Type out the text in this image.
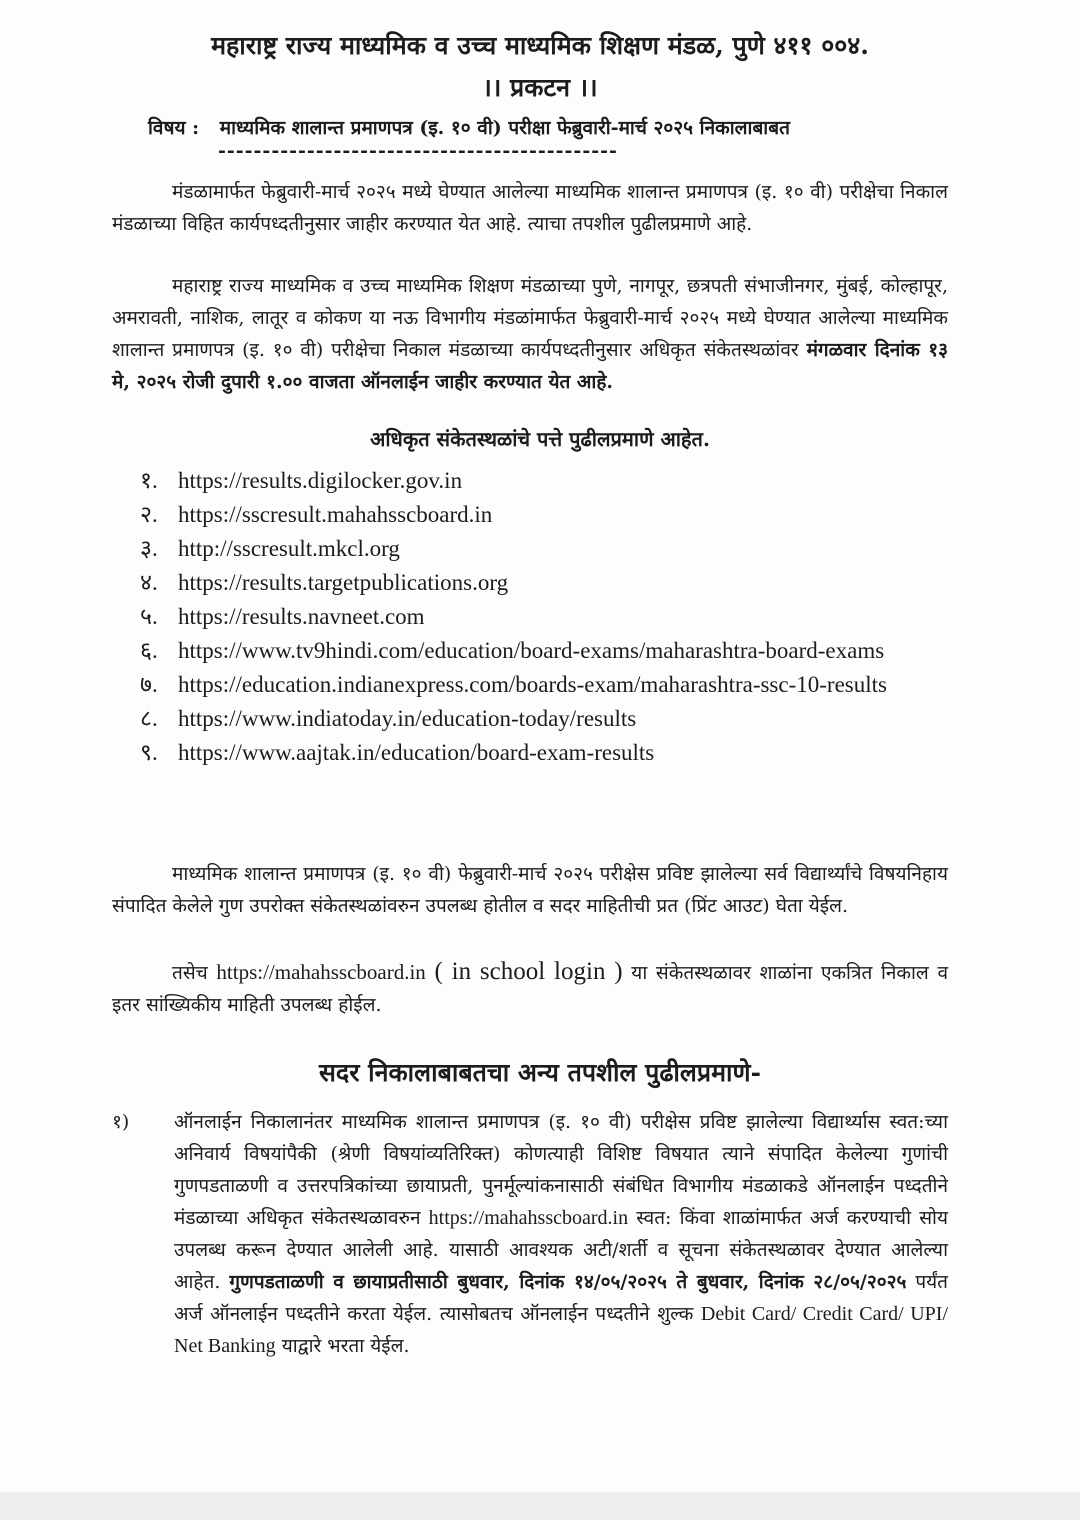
महाराष्ट्र राज्य माध्यमिक व उच्च माध्यमिक शिक्षण मंडळ, पुणे ४११ ००४.
।। प्रकटन ।।
विषय : माध्यमिक शालान्त प्रमाणपत्र (इ. १० वी) परीक्षा फेब्रुवारी-मार्च २०२५ निकालाबाबत
---------------------------------------------
मंडळामार्फत फेब्रुवारी-मार्च २०२५ मध्ये घेण्यात आलेल्या माध्यमिक शालान्त प्रमाणपत्र (इ. १० वी) परीक्षेचा निकाल मंडळाच्या विहित कार्यपध्दतीनुसार जाहीर करण्यात येत आहे. त्याचा तपशील पुढीलप्रमाणे आहे.
महाराष्ट्र राज्य माध्यमिक व उच्च माध्यमिक शिक्षण मंडळाच्या पुणे, नागपूर, छत्रपती संभाजीनगर, मुंबई, कोल्हापूर, अमरावती, नाशिक, लातूर व कोकण या नऊ विभागीय मंडळांमार्फत फेब्रुवारी-मार्च २०२५ मध्ये घेण्यात आलेल्या माध्यमिक शालान्त प्रमाणपत्र (इ. १० वी) परीक्षेचा निकाल मंडळाच्या कार्यपध्दतीनुसार अधिकृत संकेतस्थळांवर मंगळवार दिनांक १३ मे, २०२५ रोजी दुपारी १.०० वाजता ऑनलाईन जाहीर करण्यात येत आहे.
अधिकृत संकेतस्थळांचे पत्ते पुढीलप्रमाणे आहेत.
१. https://results.digilocker.gov.in
२. https://sscresult.mahahsscboard.in
३. http://sscresult.mkcl.org
४. https://results.targetpublications.org
५. https://results.navneet.com
६. https://www.tv9hindi.com/education/board-exams/maharashtra-board-exams
७. https://education.indianexpress.com/boards-exam/maharashtra-ssc-10-results
८. https://www.indiatoday.in/education-today/results
९. https://www.aajtak.in/education/board-exam-results
माध्यमिक शालान्त प्रमाणपत्र (इ. १० वी) फेब्रुवारी-मार्च २०२५ परीक्षेस प्रविष्ट झालेल्या सर्व विद्यार्थ्यांचे विषयनिहाय संपादित केलेले गुण उपरोक्त संकेतस्थळांवरुन उपलब्ध होतील व सदर माहितीची प्रत (प्रिंट आउट) घेता येईल.
तसेच https://mahahsscboard.in ( in school login ) या संकेतस्थळावर शाळांना एकत्रित निकाल व इतर सांख्यिकीय माहिती उपलब्ध होईल.
सदर निकालाबाबतचा अन्य तपशील पुढीलप्रमाणे-
१) ऑनलाईन निकालानंतर माध्यमिक शालान्त प्रमाणपत्र (इ. १० वी) परीक्षेस प्रविष्ट झालेल्या विद्यार्थ्यास स्वत:च्या अनिवार्य विषयांपैकी (श्रेणी विषयांव्यतिरिक्त) कोणत्याही विशिष्ट विषयात त्याने संपादित केलेल्या गुणांची गुणपडताळणी व उत्तरपत्रिकांच्या छायाप्रती, पुनर्मूल्यांकनासाठी संबंधित विभागीय मंडळाकडे ऑनलाईन पध्दतीने मंडळाच्या अधिकृत संकेतस्थळावरुन https://mahahsscboard.in स्वत: किंवा शाळांमार्फत अर्ज करण्याची सोय उपलब्ध करून देण्यात आलेली आहे. यासाठी आवश्यक अटी/शर्ती व सूचना संकेतस्थळावर देण्यात आलेल्या आहेत. गुणपडताळणी व छायाप्रतीसाठी बुधवार, दिनांक १४/०५/२०२५ ते बुधवार, दिनांक २८/०५/२०२५ पर्यंत अर्ज ऑनलाईन पध्दतीने करता येईल. त्यासोबतच ऑनलाईन पध्दतीने शुल्क Debit Card/ Credit Card/ UPI/ Net Banking याद्वारे भरता येईल.
